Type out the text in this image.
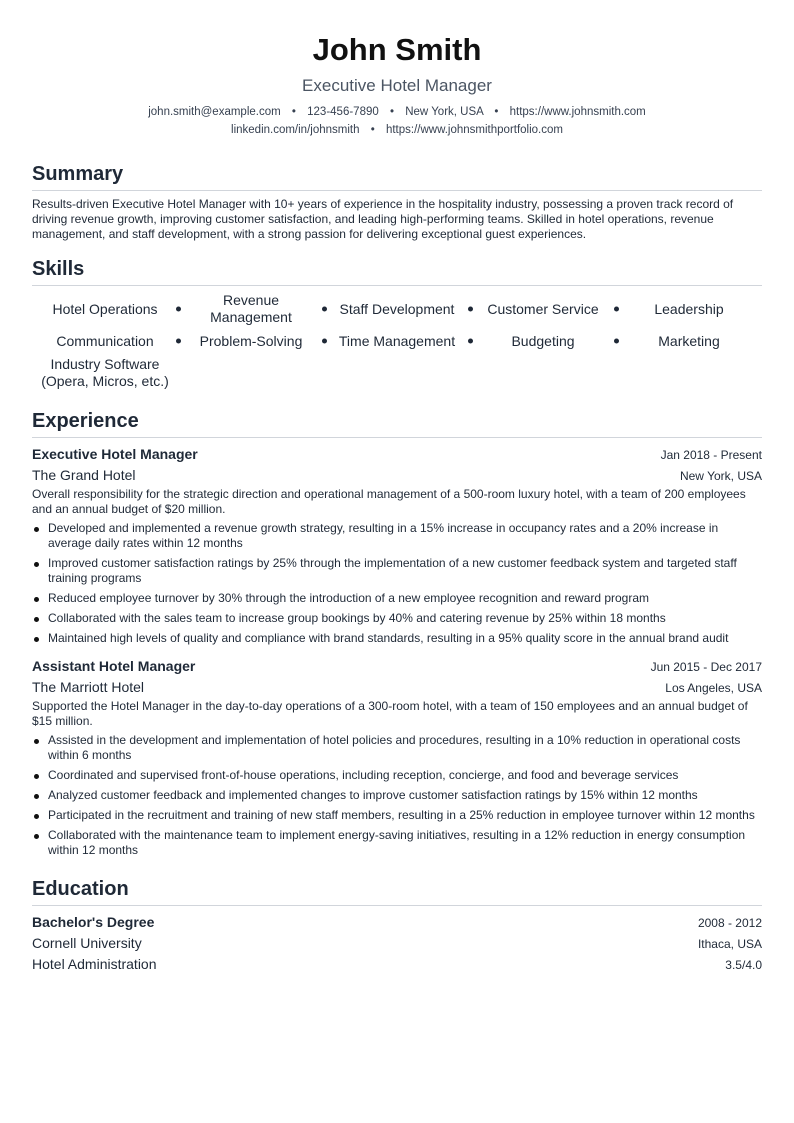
John Smith
Executive Hotel Manager
john.smith@example.com • 123-456-7890 • New York, USA • https://www.johnsmith.com
linkedin.com/in/johnsmith • https://www.johnsmithportfolio.com
Summary
Results-driven Executive Hotel Manager with 10+ years of experience in the hospitality industry, possessing a proven track record of driving revenue growth, improving customer satisfaction, and leading high-performing teams. Skilled in hotel operations, revenue management, and staff development, with a strong passion for delivering exceptional guest experiences.
Skills
Hotel Operations
Revenue Management
Staff Development Customer Service	Leadership
Communication	Problem-Solving	Time Management	Budgeting	Marketing
Industry Software (Opera, Micros, etc.)
Experience
Executive Hotel Manager	Jan 2018 - Present
The Grand Hotel	New York, USA
Overall responsibility for the strategic direction and operational management of a 500-room luxury hotel, with a team of 200 employees and an annual budget of $20 million.
Developed and implemented a revenue growth strategy, resulting in a 15% increase in occupancy rates and a 20% increase in average daily rates within 12 months
Improved customer satisfaction ratings by 25% through the implementation of a new customer feedback system and targeted staff training programs
Reduced employee turnover by 30% through the introduction of a new employee recognition and reward program
Collaborated with the sales team to increase group bookings by 40% and catering revenue by 25% within 18 months
Maintained high levels of quality and compliance with brand standards, resulting in a 95% quality score in the annual brand audit
Assistant Hotel Manager	Jun 2015 - Dec 2017
The Marriott Hotel	Los Angeles, USA
Supported the Hotel Manager in the day-to-day operations of a 300-room hotel, with a team of 150 employees and an annual budget of $15 million.
Assisted in the development and implementation of hotel policies and procedures, resulting in a 10% reduction in operational costs within 6 months
Coordinated and supervised front-of-house operations, including reception, concierge, and food and beverage services
Analyzed customer feedback and implemented changes to improve customer satisfaction ratings by 15% within 12 months
Participated in the recruitment and training of new staff members, resulting in a 25% reduction in employee turnover within 12 months
Collaborated with the maintenance team to implement energy-saving initiatives, resulting in a 12% reduction in energy consumption within 12 months
Education
Bachelor's Degree	2008 - 2012
Cornell University	Ithaca, USA
Hotel Administration	3.5/4.0
